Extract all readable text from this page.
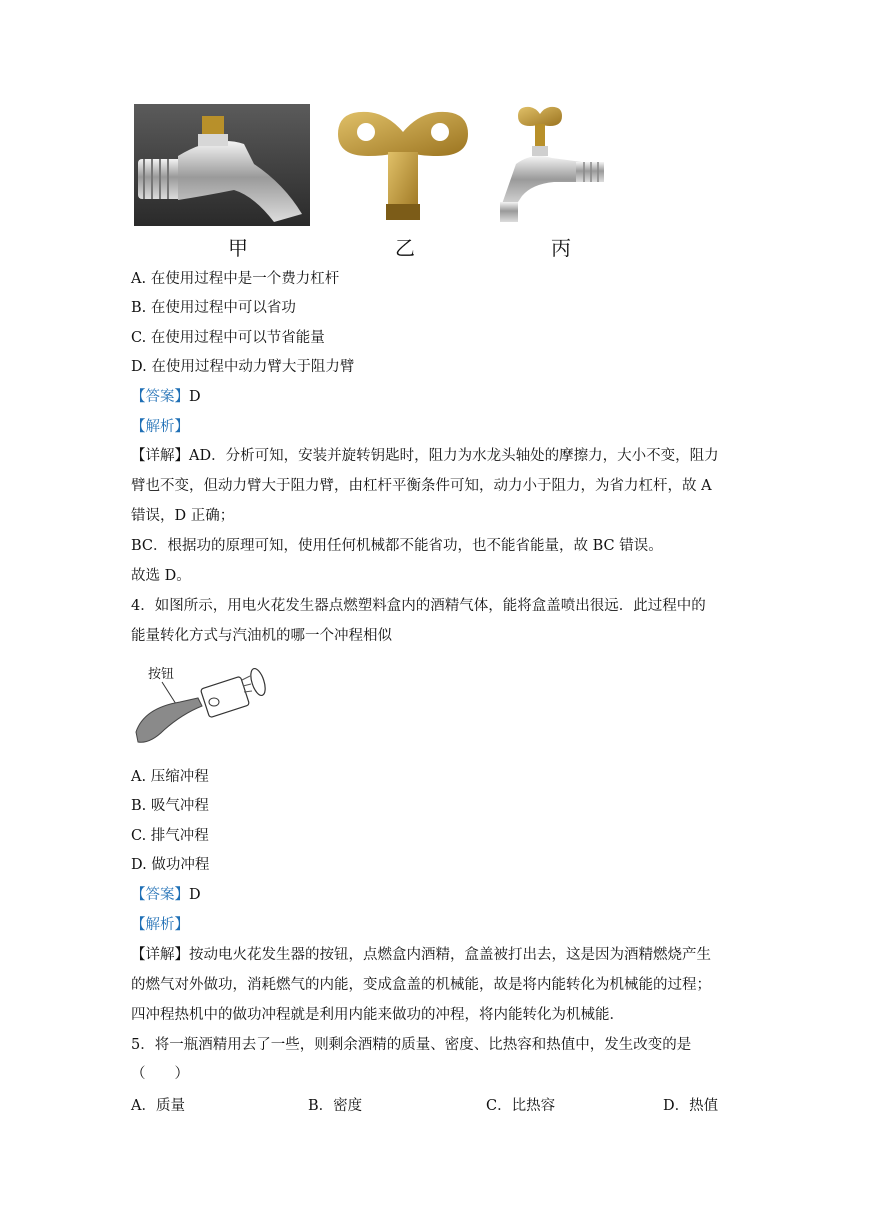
甲	乙	丙
A. 在使用过程中是一个费力杠杆
B. 在使用过程中可以省功
C. 在使用过程中可以节省能量
D. 在使用过程中动力臂大于阻力臂
【答案】D
【解析】
【详解】AD．分析可知，安装并旋转钥匙时，阻力为水龙头轴处的摩擦力，大小不变，阻力
臂也不变，但动力臂大于阻力臂，由杠杆平衡条件可知，动力小于阻力，为省力杠杆，故 A
错误，D 正确；
BC．根据功的原理可知，使用任何机械都不能省功，也不能省能量，故 BC 错误。
故选 D。
4．如图所示，用电火花发生器点燃塑料盒内的酒精气体，能将盒盖喷出很远．此过程中的
能量转化方式与汽油机的哪一个冲程相似
按钮
A. 压缩冲程
B. 吸气冲程
C. 排气冲程
D. 做功冲程
【答案】D
【解析】
【详解】按动电火花发生器的按钮，点燃盒内酒精，盒盖被打出去，这是因为酒精燃烧产生
的燃气对外做功，消耗燃气的内能，变成盒盖的机械能，故是将内能转化为机械能的过程；
四冲程热机中的做功冲程就是利用内能来做功的冲程，将内能转化为机械能．
5．将一瓶酒精用去了一些，则剩余酒精的质量、密度、比热容和热值中，发生改变的是
（　　）
A．质量	B．密度	C．比热容	D．热值
